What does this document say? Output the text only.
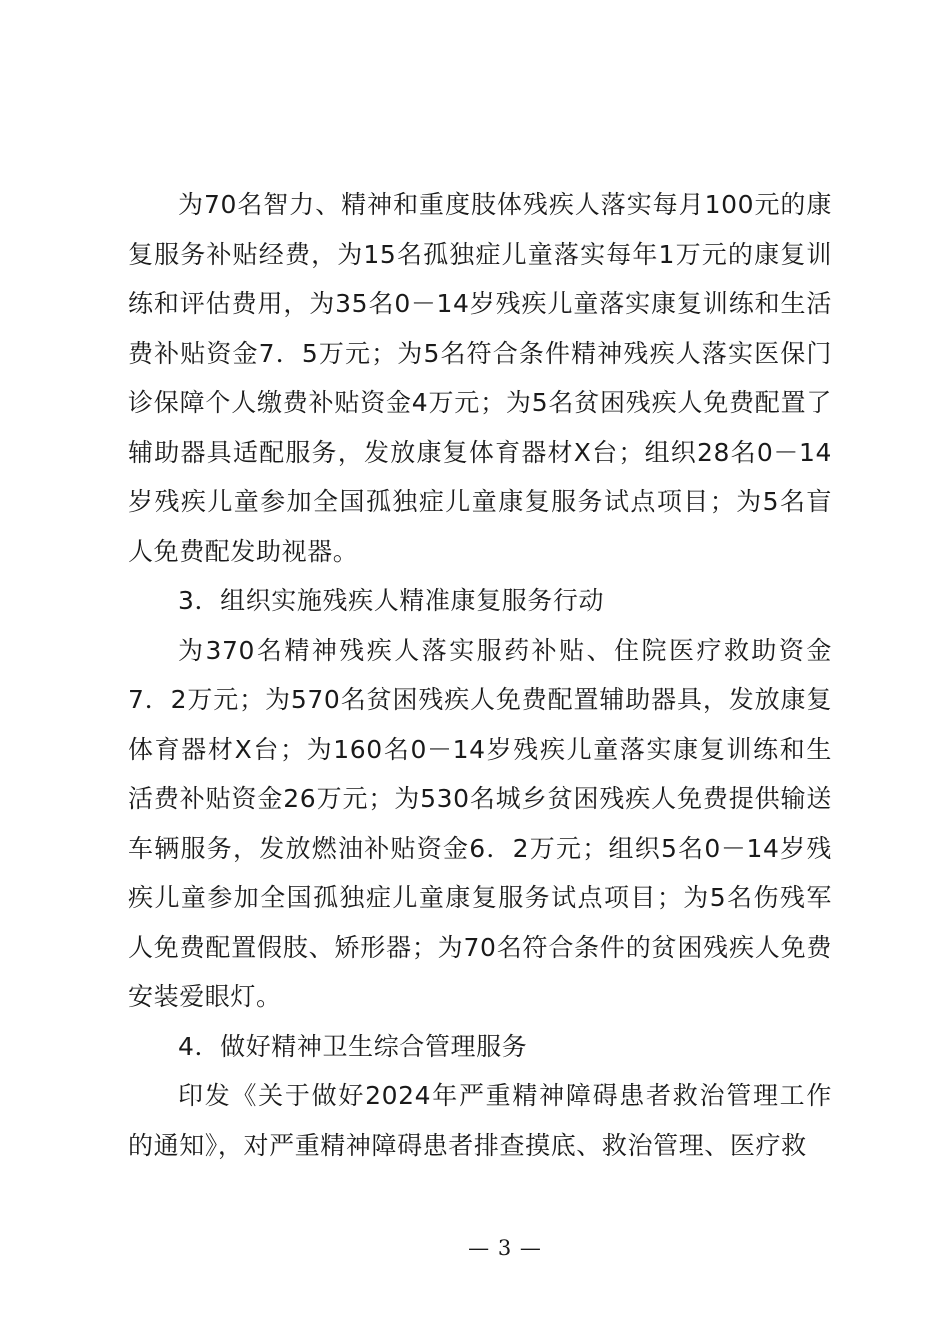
为70名智力、精神和重度肢体残疾人落实每月100元的康复服务补贴经费，为15名孤独症儿童落实每年1万元的康复训练和评估费用，为35名0－14岁残疾儿童落实康复训练和生活费补贴资金7．5万元；为5名符合条件精神残疾人落实医保门诊保障个人缴费补贴资金4万元；为5名贫困残疾人免费配置了辅助器具适配服务，发放康复体育器材X台；组织28名0－14岁残疾儿童参加全国孤独症儿童康复服务试点项目；为5名盲人免费配发助视器。

3．组织实施残疾人精准康复服务行动

为370名精神残疾人落实服药补贴、住院医疗救助资金7．2万元；为570名贫困残疾人免费配置辅助器具，发放康复体育器材X台；为160名0－14岁残疾儿童落实康复训练和生活费补贴资金26万元；为530名城乡贫困残疾人免费提供输送车辆服务，发放燃油补贴资金6．2万元；组织5名0－14岁残疾儿童参加全国孤独症儿童康复服务试点项目；为5名伤残军人免费配置假肢、矫形器；为70名符合条件的贫困残疾人免费安装爱眼灯。

4．做好精神卫生综合管理服务

印发《关于做好2024年严重精神障碍患者救治管理工作的通知》，对严重精神障碍患者排查摸底、救治管理、医疗救

— 3 —
